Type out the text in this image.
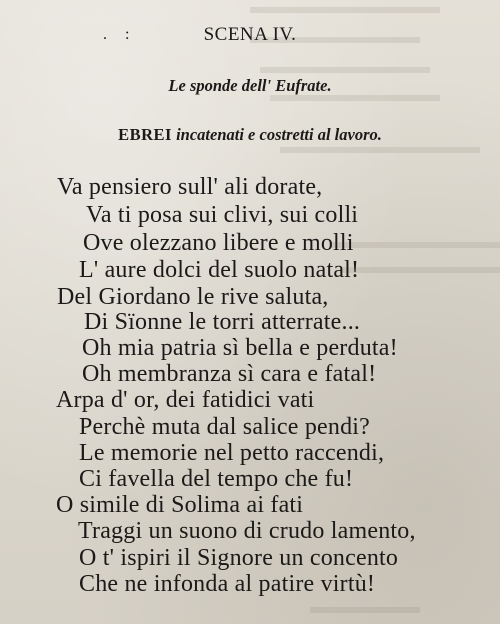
. :	SCENA IV.
Le sponde dell' Eufrate.
EBREI incatenati e costretti al lavoro.
Va pensiero sull' ali dorate,
Va ti posa sui clivi, sui colli
Ove olezzano libere e molli
L' aure dolci del suolo natal!
Del Giordano le rive saluta,
Di Sïonne le torri atterrate...
Oh mia patria sì bella e perduta!
Oh membranza sì cara e fatal!
Arpa d' or, dei fatidici vati
Perchè muta dal salice pendi?
Le memorie nel petto raccendi,
Ci favella del tempo che fu!
O simile di Solima ai fati
Traggi un suono di crudo lamento,
O t' ispiri il Signore un concento
Che ne infonda al patire virtù!
